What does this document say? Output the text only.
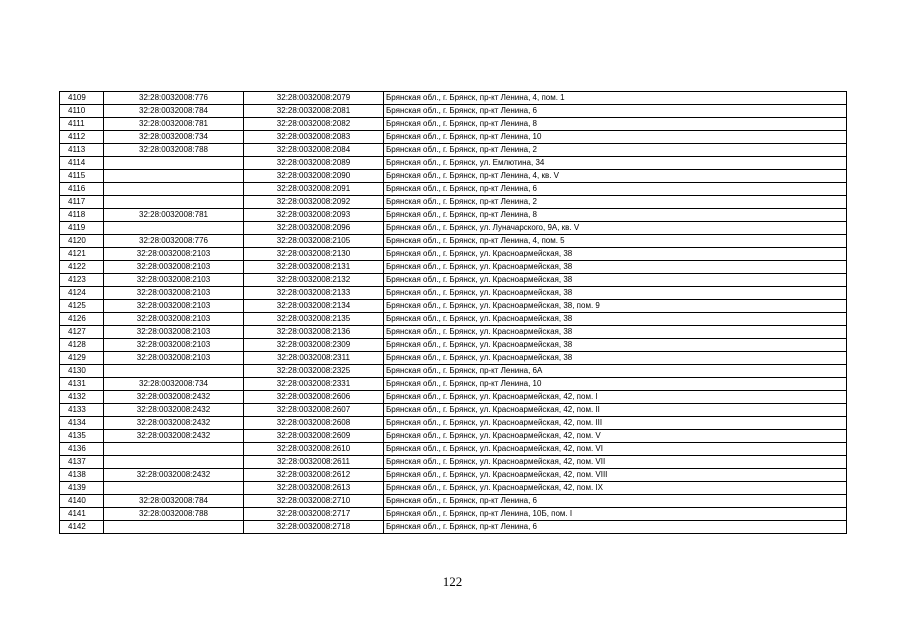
4109	32:28:0032008:776	32:28:0032008:2079	Брянская обл., г. Брянск, пр-кт Ленина, 4, пом. 1
4110	32:28:0032008:784	32:28:0032008:2081	Брянская обл., г. Брянск, пр-кт Ленина, 6
4111	32:28:0032008:781	32:28:0032008:2082	Брянская обл., г. Брянск, пр-кт Ленина, 8
4112	32:28:0032008:734	32:28:0032008:2083	Брянская обл., г. Брянск, пр-кт Ленина, 10
4113	32:28:0032008:788	32:28:0032008:2084	Брянская обл., г. Брянск, пр-кт Ленина, 2
4114		32:28:0032008:2089	Брянская обл., г. Брянск, ул. Емлютина, 34
4115		32:28:0032008:2090	Брянская обл., г. Брянск, пр-кт Ленина, 4, кв. V
4116		32:28:0032008:2091	Брянская обл., г. Брянск, пр-кт Ленина, 6
4117		32:28:0032008:2092	Брянская обл., г. Брянск, пр-кт Ленина, 2
4118	32:28:0032008:781	32:28:0032008:2093	Брянская обл., г. Брянск, пр-кт Ленина, 8
4119		32:28:0032008:2096	Брянская обл., г. Брянск, ул. Луначарского, 9А, кв. V
4120	32:28:0032008:776	32:28:0032008:2105	Брянская обл., г. Брянск, пр-кт Ленина, 4, пом. 5
4121	32:28:0032008:2103	32:28:0032008:2130	Брянская обл., г. Брянск, ул. Красноармейская, 38
4122	32:28:0032008:2103	32:28:0032008:2131	Брянская обл., г. Брянск, ул. Красноармейская, 38
4123	32:28:0032008:2103	32:28:0032008:2132	Брянская обл., г. Брянск, ул. Красноармейская, 38
4124	32:28:0032008:2103	32:28:0032008:2133	Брянская обл., г. Брянск, ул. Красноармейская, 38
4125	32:28:0032008:2103	32:28:0032008:2134	Брянская обл., г. Брянск, ул. Красноармейская, 38, пом. 9
4126	32:28:0032008:2103	32:28:0032008:2135	Брянская обл., г. Брянск, ул. Красноармейская, 38
4127	32:28:0032008:2103	32:28:0032008:2136	Брянская обл., г. Брянск, ул. Красноармейская, 38
4128	32:28:0032008:2103	32:28:0032008:2309	Брянская обл., г. Брянск, ул. Красноармейская, 38
4129	32:28:0032008:2103	32:28:0032008:2311	Брянская обл., г. Брянск, ул. Красноармейская, 38
4130		32:28:0032008:2325	Брянская обл., г. Брянск, пр-кт Ленина, 6А
4131	32:28:0032008:734	32:28:0032008:2331	Брянская обл., г. Брянск, пр-кт Ленина, 10
4132	32:28:0032008:2432	32:28:0032008:2606	Брянская обл., г. Брянск, ул. Красноармейская, 42, пом. I
4133	32:28:0032008:2432	32:28:0032008:2607	Брянская обл., г. Брянск, ул. Красноармейская, 42, пом. II
4134	32:28:0032008:2432	32:28:0032008:2608	Брянская обл., г. Брянск, ул. Красноармейская, 42, пом. III
4135	32:28:0032008:2432	32:28:0032008:2609	Брянская обл., г. Брянск, ул. Красноармейская, 42, пом. V
4136		32:28:0032008:2610	Брянская обл., г. Брянск, ул. Красноармейская, 42, пом. VI
4137		32:28:0032008:2611	Брянская обл., г. Брянск, ул. Красноармейская, 42, пом. VII
4138	32:28:0032008:2432	32:28:0032008:2612	Брянская обл., г. Брянск, ул. Красноармейская, 42, пом. VIII
4139		32:28:0032008:2613	Брянская обл., г. Брянск, ул. Красноармейская, 42, пом. IX
4140	32:28:0032008:784	32:28:0032008:2710	Брянская обл., г. Брянск, пр-кт Ленина, 6
4141	32:28:0032008:788	32:28:0032008:2717	Брянская обл., г. Брянск, пр-кт Ленина, 10Б, пом. I
4142		32:28:0032008:2718	Брянская обл., г. Брянск, пр-кт Ленина, 6
122
